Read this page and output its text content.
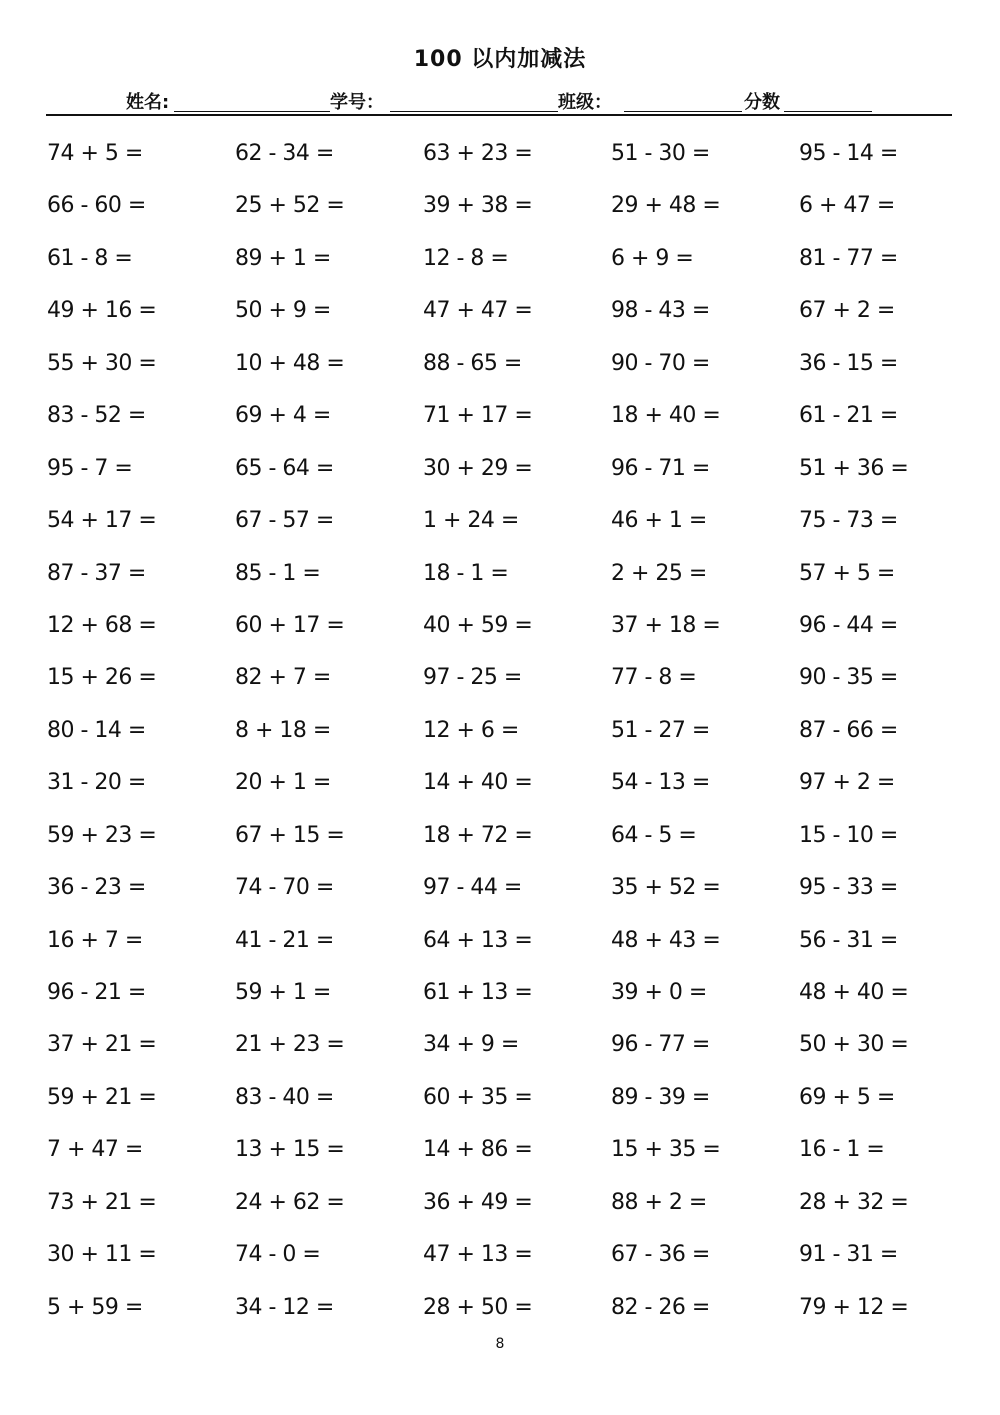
100 以内加减法
姓名:	学号：	班级：	分数
74 + 5 =	62 - 34 =	63 + 23 =	51 - 30 =	95 - 14 =
66 - 60 =	25 + 52 =	39 + 38 =	29 + 48 =	6 + 47 =
61 - 8 =	89 + 1 =	12 - 8 =	6 + 9 =	81 - 77 =
49 + 16 =	50 + 9 =	47 + 47 =	98 - 43 =	67 + 2 =
55 + 30 =	10 + 48 =	88 - 65 =	90 - 70 =	36 - 15 =
83 - 52 =	69 + 4 =	71 + 17 =	18 + 40 =	61 - 21 =
95 - 7 =	65 - 64 =	30 + 29 =	96 - 71 =	51 + 36 =
54 + 17 =	67 - 57 =	1 + 24 =	46 + 1 =	75 - 73 =
87 - 37 =	85 - 1 =	18 - 1 =	2 + 25 =	57 + 5 =
12 + 68 =	60 + 17 =	40 + 59 =	37 + 18 =	96 - 44 =
15 + 26 =	82 + 7 =	97 - 25 =	77 - 8 =	90 - 35 =
80 - 14 =	8 + 18 =	12 + 6 =	51 - 27 =	87 - 66 =
31 - 20 =	20 + 1 =	14 + 40 =	54 - 13 =	97 + 2 =
59 + 23 =	67 + 15 =	18 + 72 =	64 - 5 =	15 - 10 =
36 - 23 =	74 - 70 =	97 - 44 =	35 + 52 =	95 - 33 =
16 + 7 =	41 - 21 =	64 + 13 =	48 + 43 =	56 - 31 =
96 - 21 =	59 + 1 =	61 + 13 =	39 + 0 =	48 + 40 =
37 + 21 =	21 + 23 =	34 + 9 =	96 - 77 =	50 + 30 =
59 + 21 =	83 - 40 =	60 + 35 =	89 - 39 =	69 + 5 =
7 + 47 =	13 + 15 =	14 + 86 =	15 + 35 =	16 - 1 =
73 + 21 =	24 + 62 =	36 + 49 =	88 + 2 =	28 + 32 =
30 + 11 =	74 - 0 =	47 + 13 =	67 - 36 =	91 - 31 =
5 + 59 =	34 - 12 =	28 + 50 =	82 - 26 =	79 + 12 =
8
